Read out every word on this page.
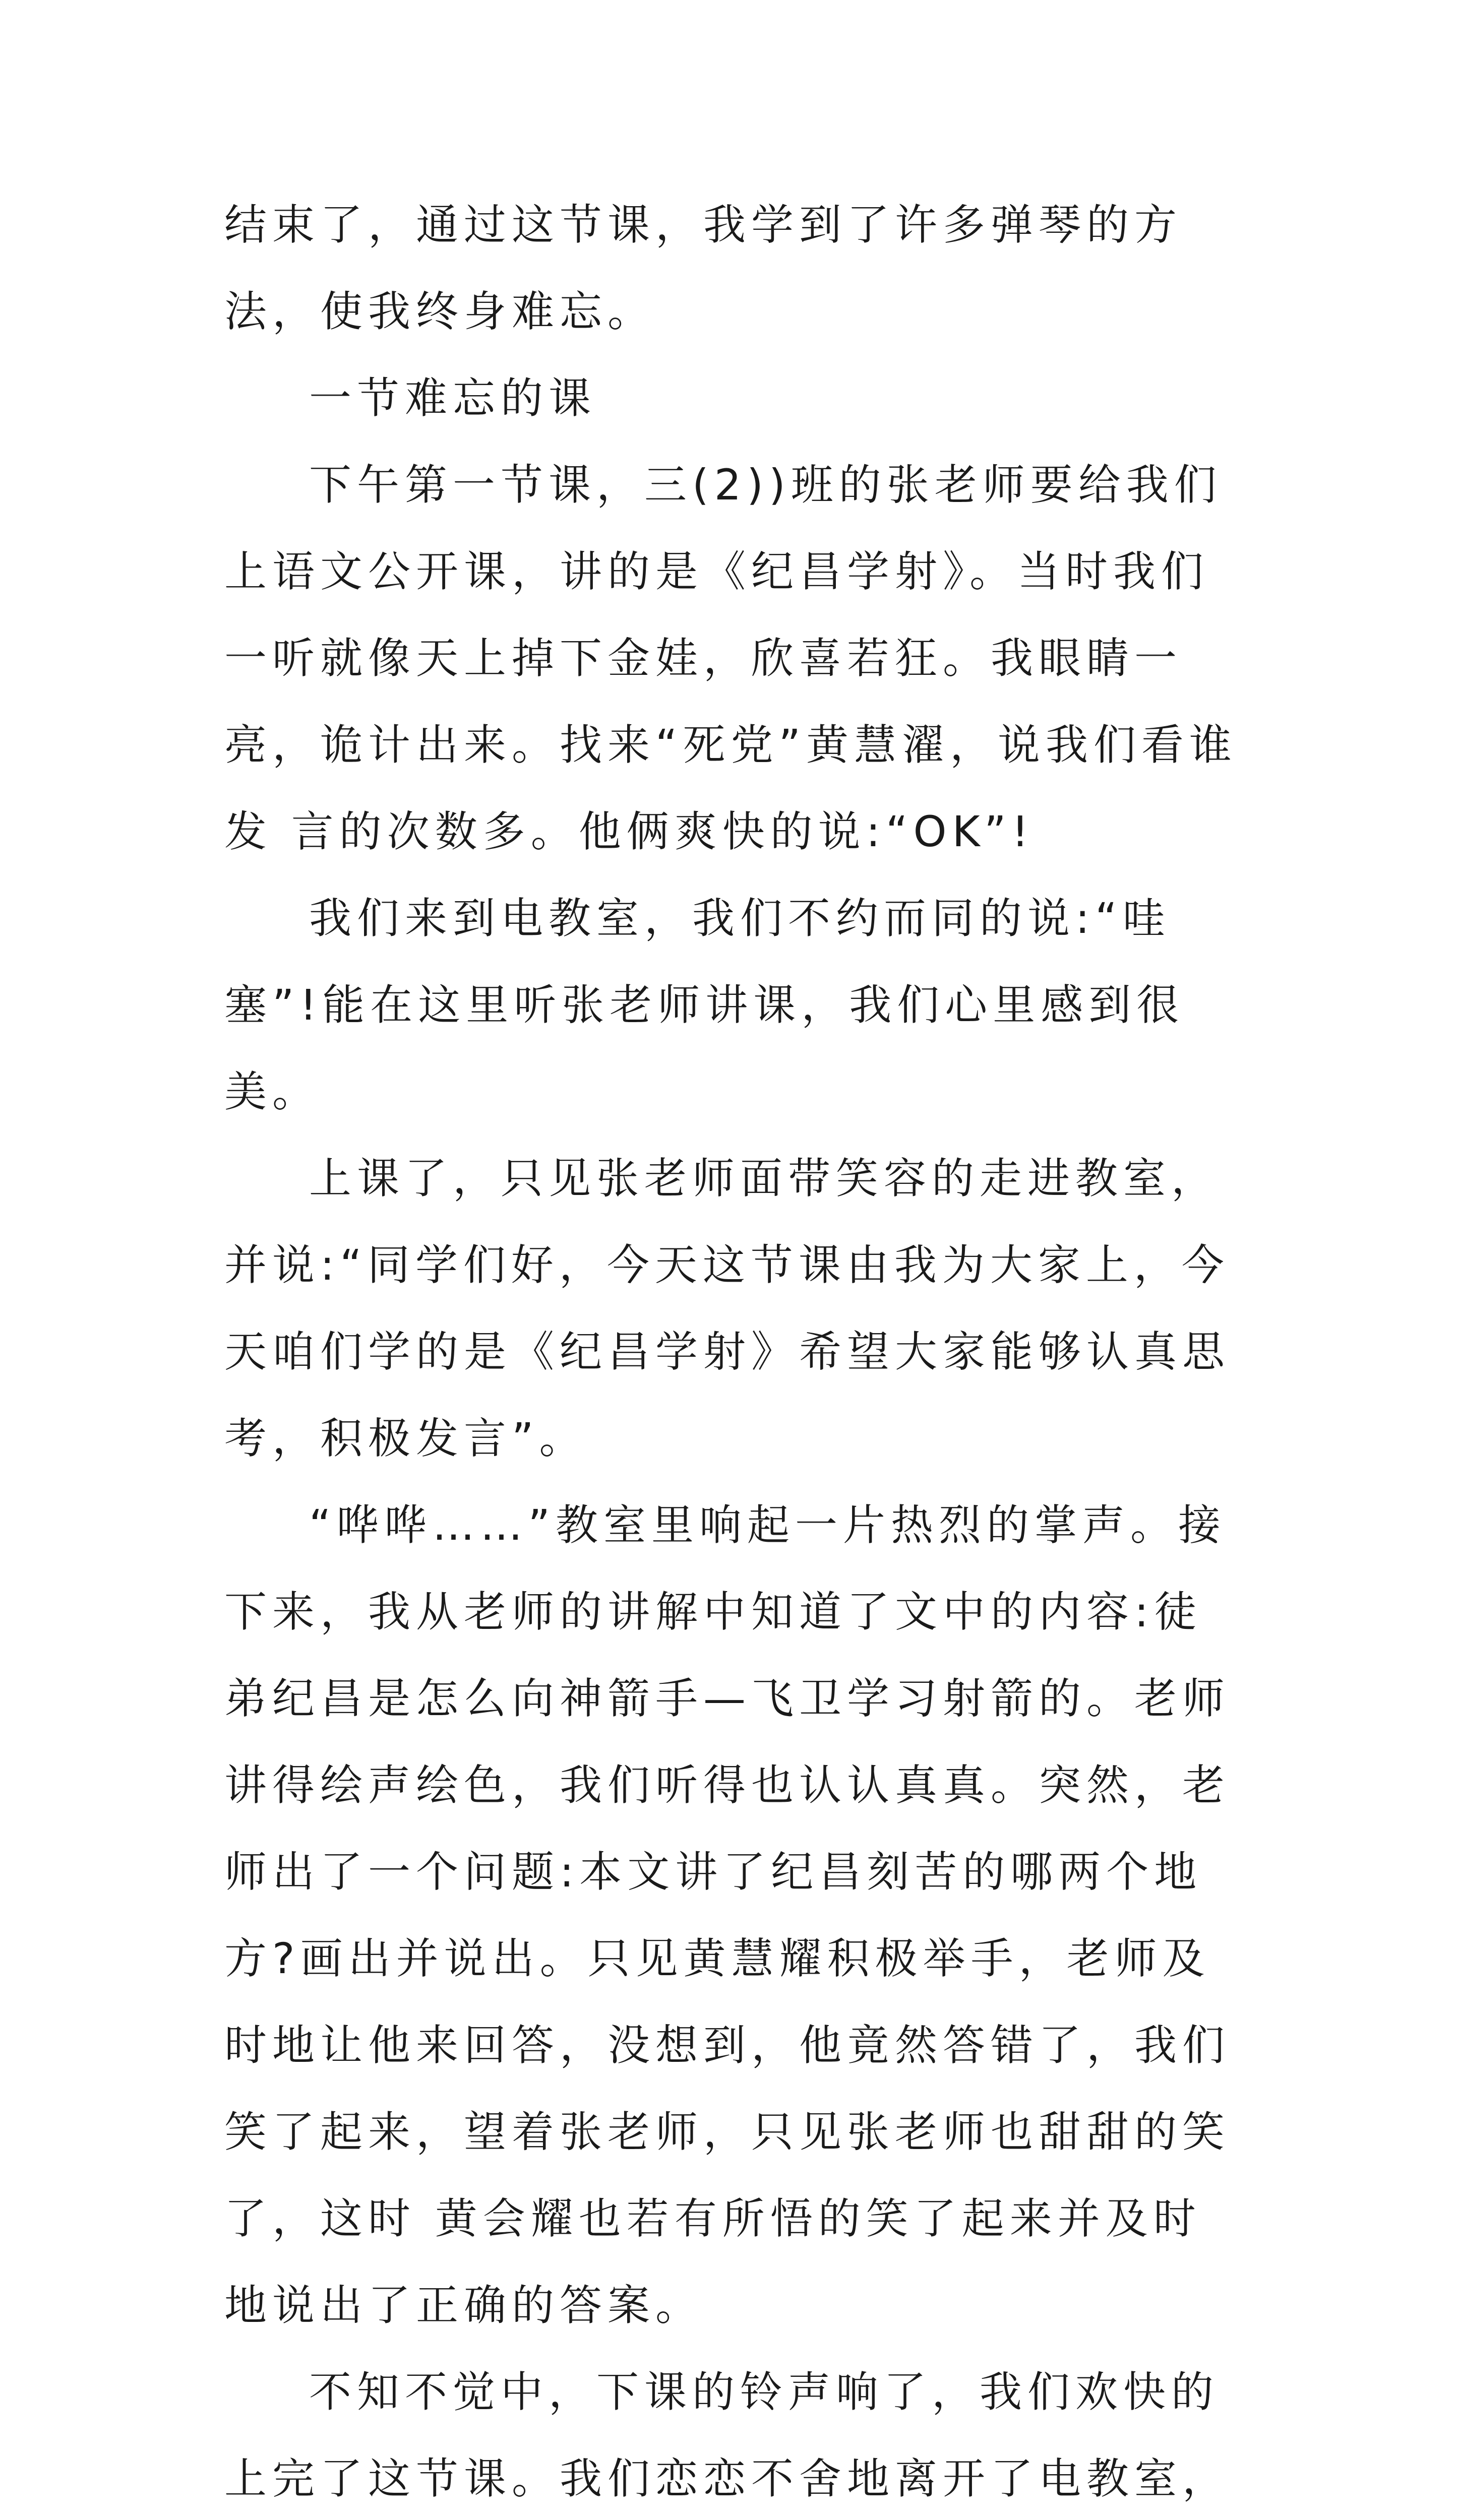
结束了，通过这节课，我学到了许多弹琴的方法，使我终身难忘。

一节难忘的课

下午第一节课，三(2))班的张老师要给我们上语文公开课，讲的是《纪昌学射》。当时我们一听就像天上掉下金娃，欣喜若狂。我眼睛一亮，诡计出来。找来“死党”黄慧濯，说我们看谁发 言的次数多。他俩爽快的说:“OK”!

我们来到电教室，我们不约而同的说:“哇塞”!能在这里听张老师讲课，我们心里感到很美。

上课了，只见张老师面带笑容的走进教室，并说:“同学们好，今天这节课由我为大家上，今天咱们学的是《纪昌学射》希望大家能够认真思考，积极发言”。

“哗哗……”教室里响起一片热烈的掌声。接下来，我从老师的讲解中知道了文中的内容:徒弟纪昌是怎么向神箭手—飞卫学习射箭的。老师讲得绘声绘色，我们听得也认认真真。突然，老 师出了一个问题:本文讲了纪昌刻苦的哪两个地方?画出并说出。只见黄慧耀积极举手，老师及时地让他来回答，没想到，他竟然答错了，我们笑了起来，望着张老师，只见张老师也甜甜的笑了，这时 黄会耀也若有所悟的笑了起来并及时地说出了正确的答案。

不知不觉中，下课的铃声响了，我们欢快的上完了这节课。我们恋恋不舍地离开了电教室，
